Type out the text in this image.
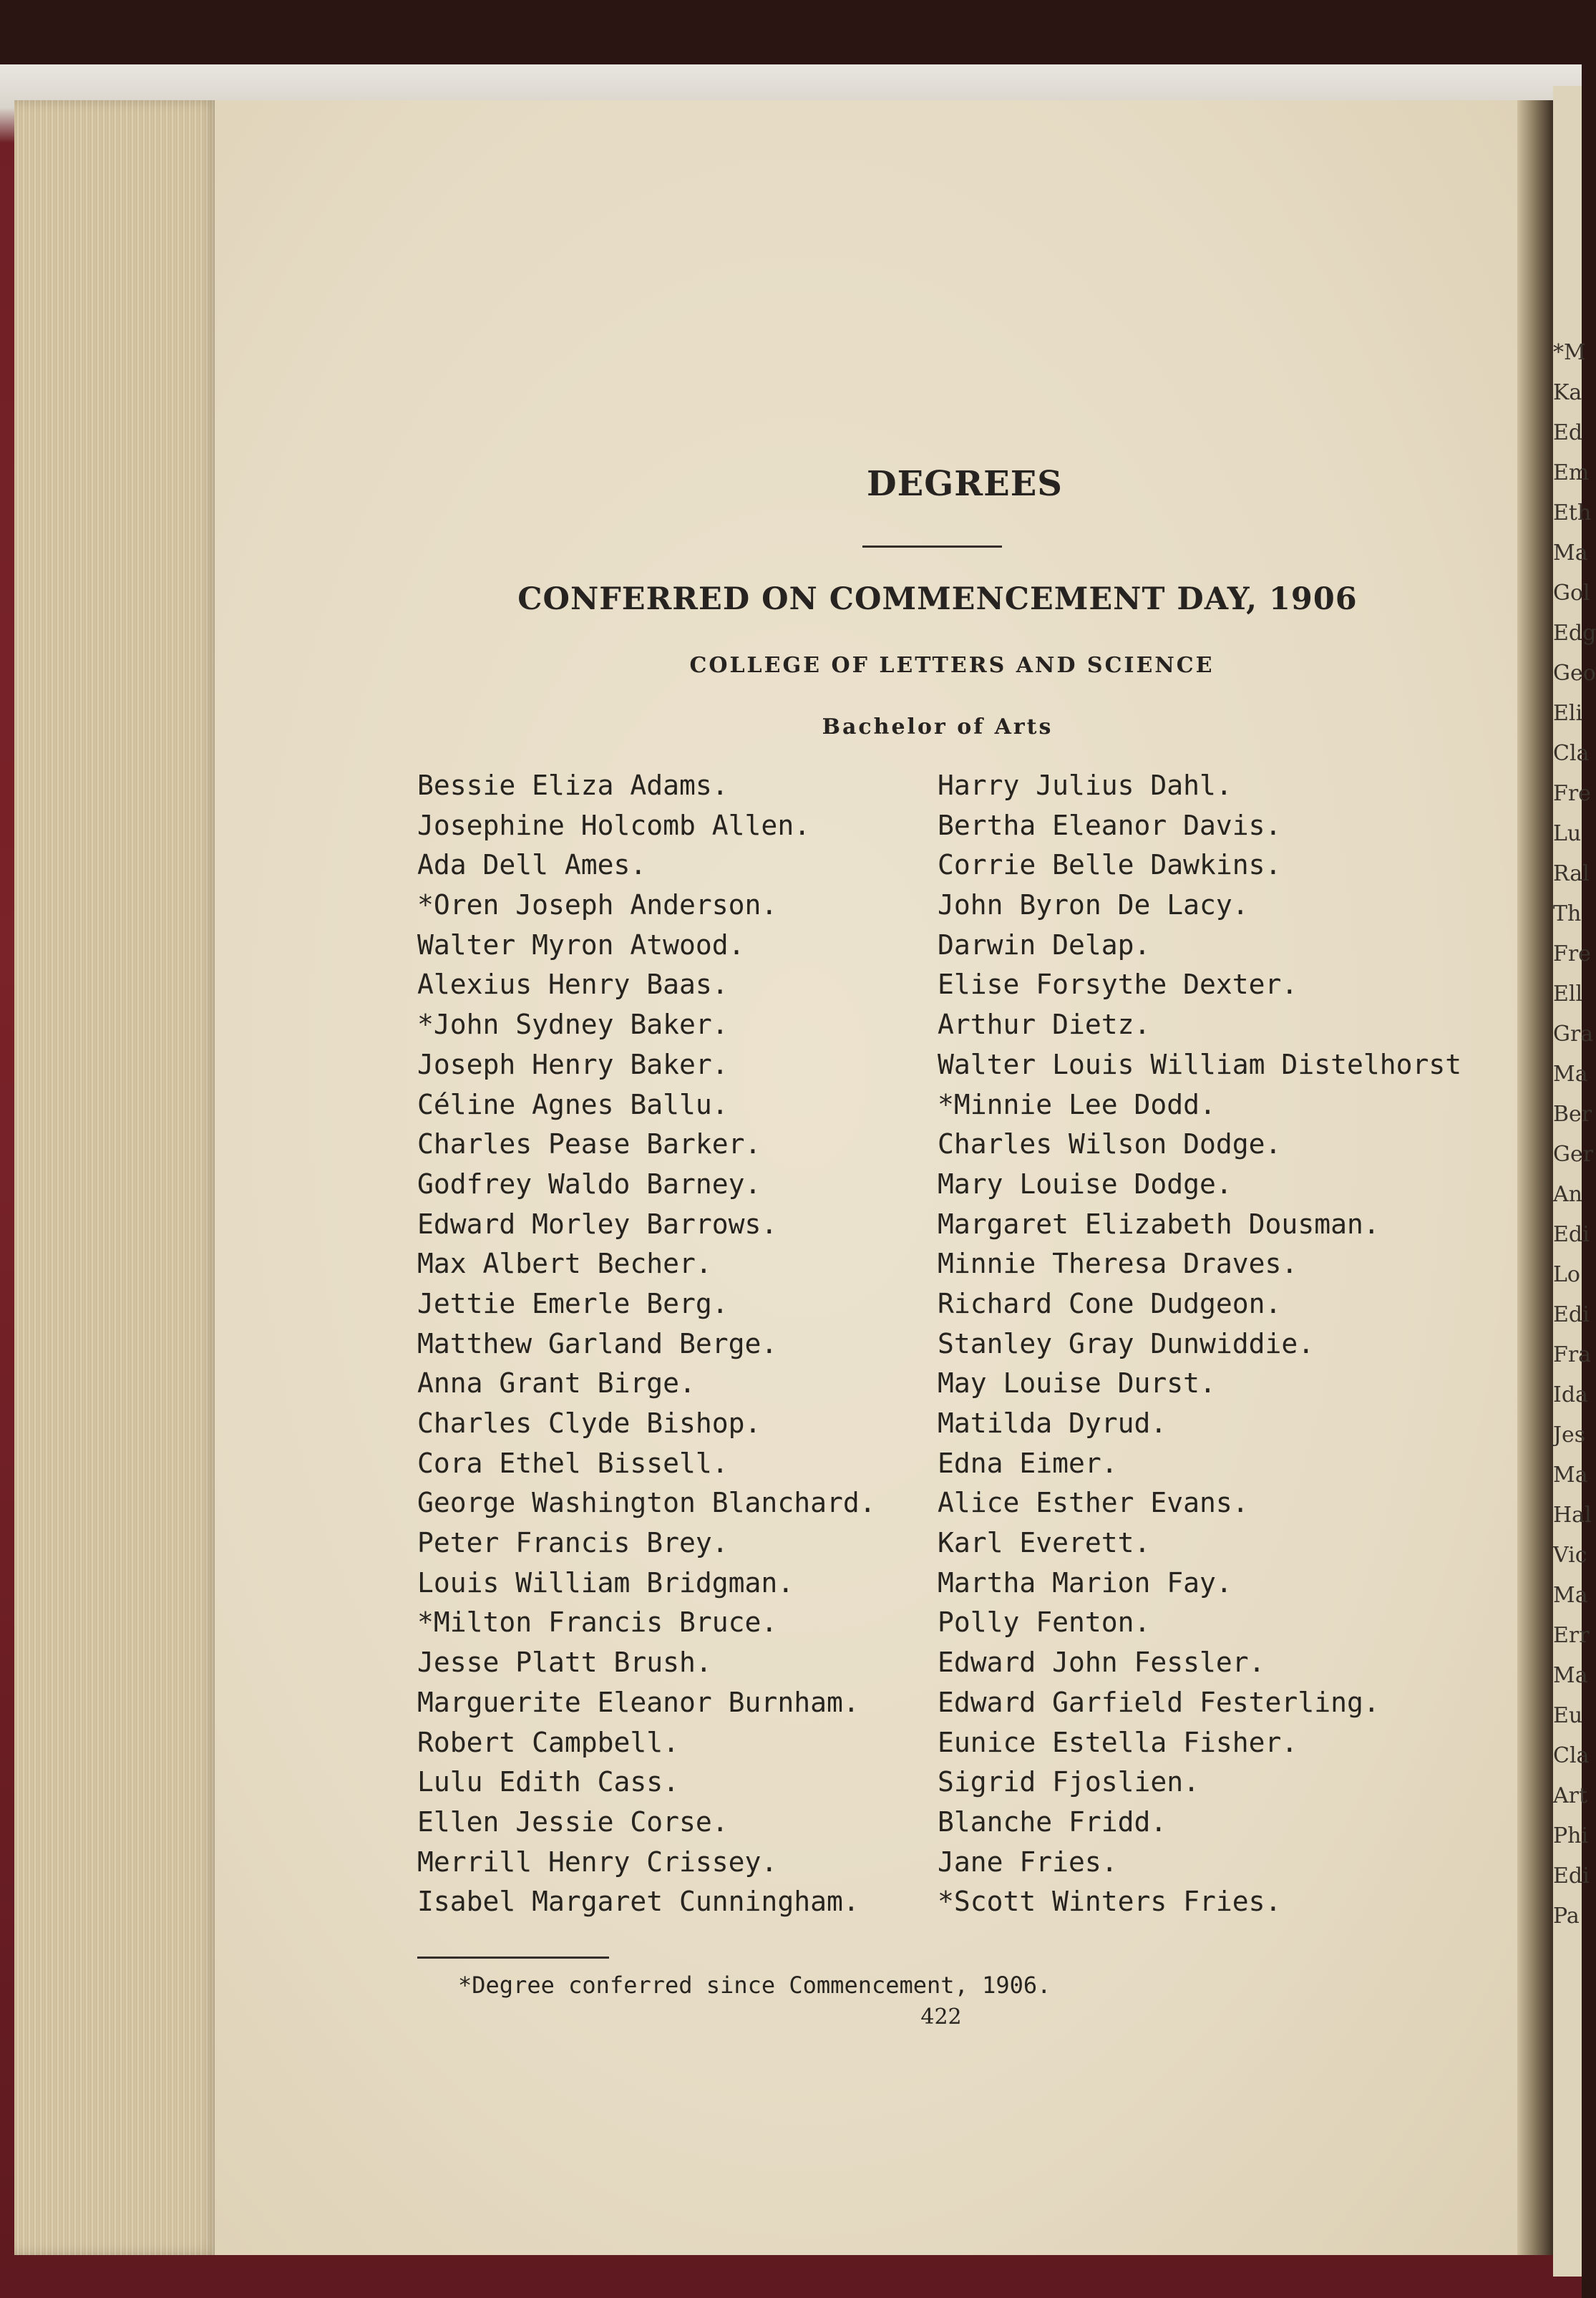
*M
Ka
Ed
Em
Eth
Ma
Gol
Edg
Geo
Eli
Cla
Fre
Lu
Ral
Th
Fre
Ell
Gra
Ma
Ber
Ger
An
Edi
Lo
Edi
Fra
Ida
Jes
Ma
Hal
Vic
Ma
Err
Ma
Eu
Cla
Art
Phi
Edi
Pa
DEGREES
CONFERRED ON COMMENCEMENT DAY, 1906
COLLEGE OF LETTERS AND SCIENCE
Bachelor of Arts
Bessie Eliza Adams.
Josephine Holcomb Allen.
Ada Dell Ames.
*Oren Joseph Anderson.
Walter Myron Atwood.
Alexius Henry Baas.
*John Sydney Baker.
Joseph Henry Baker.
Céline Agnes Ballu.
Charles Pease Barker.
Godfrey Waldo Barney.
Edward Morley Barrows.
Max Albert Becher.
Jettie Emerle Berg.
Matthew Garland Berge.
Anna Grant Birge.
Charles Clyde Bishop.
Cora Ethel Bissell.
George Washington Blanchard.
Peter Francis Brey.
Louis William Bridgman.
*Milton Francis Bruce.
Jesse Platt Brush.
Marguerite Eleanor Burnham.
Robert Campbell.
Lulu Edith Cass.
Ellen Jessie Corse.
Merrill Henry Crissey.
Isabel Margaret Cunningham.
Harry Julius Dahl.
Bertha Eleanor Davis.
Corrie Belle Dawkins.
John Byron De Lacy.
Darwin Delap.
Elise Forsythe Dexter.
Arthur Dietz.
Walter Louis William Distelhorst
*Minnie Lee Dodd.
Charles Wilson Dodge.
Mary Louise Dodge.
Margaret Elizabeth Dousman.
Minnie Theresa Draves.
Richard Cone Dudgeon.
Stanley Gray Dunwiddie.
May Louise Durst.
Matilda Dyrud.
Edna Eimer.
Alice Esther Evans.
Karl Everett.
Martha Marion Fay.
Polly Fenton.
Edward John Fessler.
Edward Garfield Festerling.
Eunice Estella Fisher.
Sigrid Fjoslien.
Blanche Fridd.
Jane Fries.
*Scott Winters Fries.
*Degree conferred since Commencement, 1906.
422
